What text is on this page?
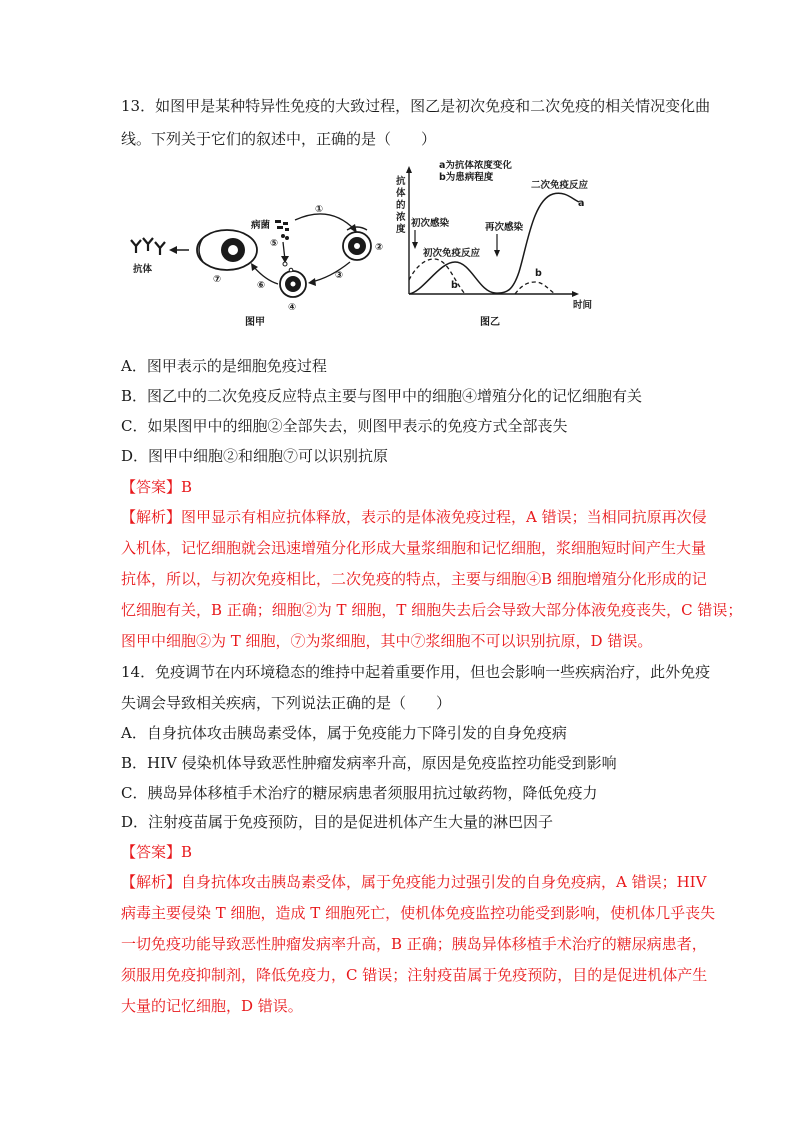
13．如图甲是某种特异性免疫的大致过程，图乙是初次免疫和二次免疫的相关情况变化曲
线。下列关于它们的叙述中，正确的是（　　）
抗体
⑦
病菌
①
⑤	②
③
④
⑥
图甲
抗
体
的
浓
度
时间
a为抗体浓度变化
b为患病程度
二次免疫反应
初次感染
初次免疫反应
再次感染
a
b
b
图乙
A．图甲表示的是细胞免疫过程
B．图乙中的二次免疫反应特点主要与图甲中的细胞④增殖分化的记忆细胞有关
C．如果图甲中的细胞②全部失去，则图甲表示的免疫方式全部丧失
D．图甲中细胞②和细胞⑦可以识别抗原
【答案】B
【解析】图甲显示有相应抗体释放，表示的是体液免疫过程，A 错误；当相同抗原再次侵
入机体，记忆细胞就会迅速增殖分化形成大量浆细胞和记忆细胞，浆细胞短时间产生大量
抗体，所以，与初次免疫相比，二次免疫的特点，主要与细胞④B 细胞增殖分化形成的记
忆细胞有关，B 正确；细胞②为 T 细胞，T 细胞失去后会导致大部分体液免疫丧失，C 错误；
图甲中细胞②为 T 细胞，⑦为浆细胞，其中⑦浆细胞不可以识别抗原，D 错误。
14．免疫调节在内环境稳态的维持中起着重要作用，但也会影响一些疾病治疗，此外免疫
失调会导致相关疾病，下列说法正确的是（　　）
A．自身抗体攻击胰岛素受体，属于免疫能力下降引发的自身免疫病
B．HIV 侵染机体导致恶性肿瘤发病率升高，原因是免疫监控功能受到影响
C．胰岛异体移植手术治疗的糖尿病患者须服用抗过敏药物，降低免疫力
D．注射疫苗属于免疫预防，目的是促进机体产生大量的淋巴因子
【答案】B
【解析】自身抗体攻击胰岛素受体，属于免疫能力过强引发的自身免疫病，A 错误；HIV
病毒主要侵染 T 细胞，造成 T 细胞死亡，使机体免疫监控功能受到影响，使机体几乎丧失
一切免疫功能导致恶性肿瘤发病率升高，B 正确；胰岛异体移植手术治疗的糖尿病患者，
须服用免疫抑制剂，降低免疫力，C 错误；注射疫苗属于免疫预防，目的是促进机体产生
大量的记忆细胞，D 错误。
